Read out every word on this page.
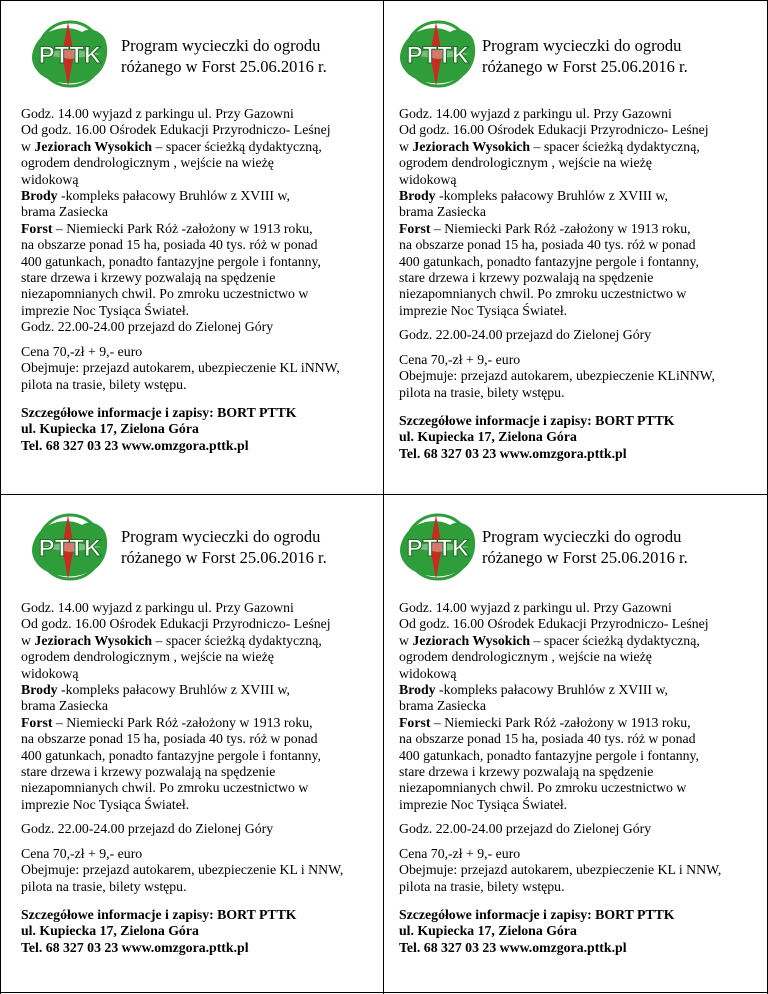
PTTK Program wycieczki do ogrodu
różanego w Forst 25.06.2016 r.
Godz. 14.00 wyjazd z parkingu ul. Przy Gazowni
Od godz. 16.00 Ośrodek Edukacji Przyrodniczo- Leśnej
w Jeziorach Wysokich – spacer ścieżką dydaktyczną,
ogrodem dendrologicznym , wejście na wieżę
widokową
Brody -kompleks pałacowy Bruhlów z XVIII w,
brama Zasiecka
Forst – Niemiecki Park Róż -założony w 1913 roku,
na obszarze ponad 15 ha, posiada 40 tys. róż w ponad
400 gatunkach, ponadto fantazyjne pergole i fontanny,
stare drzewa i krzewy pozwalają na spędzenie
niezapomnianych chwil. Po zmroku uczestnictwo w
imprezie Noc Tysiąca Świateł.
Godz. 22.00-24.00 przejazd do Zielonej Góry
Cena 70,-zł + 9,- euro
Obejmuje: przejazd autokarem, ubezpieczenie KL iNNW,
pilota na trasie, bilety wstępu.
Szczegółowe informacje i zapisy: BORT PTTK
ul. Kupiecka 17, Zielona Góra
Tel. 68 327 03 23 www.omzgora.pttk.pl
PTTK Program wycieczki do ogrodu
różanego w Forst 25.06.2016 r.
Godz. 14.00 wyjazd z parkingu ul. Przy Gazowni
Od godz. 16.00 Ośrodek Edukacji Przyrodniczo- Leśnej
w Jeziorach Wysokich – spacer ścieżką dydaktyczną,
ogrodem dendrologicznym , wejście na wieżę
widokową
Brody -kompleks pałacowy Bruhlów z XVIII w,
brama Zasiecka
Forst – Niemiecki Park Róż -założony w 1913 roku,
na obszarze ponad 15 ha, posiada 40 tys. róż w ponad
400 gatunkach, ponadto fantazyjne pergole i fontanny,
stare drzewa i krzewy pozwalają na spędzenie
niezapomnianych chwil. Po zmroku uczestnictwo w
imprezie Noc Tysiąca Świateł.
Godz. 22.00-24.00 przejazd do Zielonej Góry
Cena 70,-zł + 9,- euro
Obejmuje: przejazd autokarem, ubezpieczenie KLiNNW,
pilota na trasie, bilety wstępu.
Szczegółowe informacje i zapisy: BORT PTTK
ul. Kupiecka 17, Zielona Góra
Tel. 68 327 03 23 www.omzgora.pttk.pl
PTTK Program wycieczki do ogrodu
różanego w Forst 25.06.2016 r.
Godz. 14.00 wyjazd z parkingu ul. Przy Gazowni
Od godz. 16.00 Ośrodek Edukacji Przyrodniczo- Leśnej
w Jeziorach Wysokich – spacer ścieżką dydaktyczną,
ogrodem dendrologicznym , wejście na wieżę
widokową
Brody -kompleks pałacowy Bruhlów z XVIII w,
brama Zasiecka
Forst – Niemiecki Park Róż -założony w 1913 roku,
na obszarze ponad 15 ha, posiada 40 tys. róż w ponad
400 gatunkach, ponadto fantazyjne pergole i fontanny,
stare drzewa i krzewy pozwalają na spędzenie
niezapomnianych chwil. Po zmroku uczestnictwo w
imprezie Noc Tysiąca Świateł.
Godz. 22.00-24.00 przejazd do Zielonej Góry
Cena 70,-zł + 9,- euro
Obejmuje: przejazd autokarem, ubezpieczenie KL i NNW,
pilota na trasie, bilety wstępu.
Szczegółowe informacje i zapisy: BORT PTTK
ul. Kupiecka 17, Zielona Góra
Tel. 68 327 03 23 www.omzgora.pttk.pl
PTTK Program wycieczki do ogrodu
różanego w Forst 25.06.2016 r.
Godz. 14.00 wyjazd z parkingu ul. Przy Gazowni
Od godz. 16.00 Ośrodek Edukacji Przyrodniczo- Leśnej
w Jeziorach Wysokich – spacer ścieżką dydaktyczną,
ogrodem dendrologicznym , wejście na wieżę
widokową
Brody -kompleks pałacowy Bruhlów z XVIII w,
brama Zasiecka
Forst – Niemiecki Park Róż -założony w 1913 roku,
na obszarze ponad 15 ha, posiada 40 tys. róż w ponad
400 gatunkach, ponadto fantazyjne pergole i fontanny,
stare drzewa i krzewy pozwalają na spędzenie
niezapomnianych chwil. Po zmroku uczestnictwo w
imprezie Noc Tysiąca Świateł.
Godz. 22.00-24.00 przejazd do Zielonej Góry
Cena 70,-zł + 9,- euro
Obejmuje: przejazd autokarem, ubezpieczenie KL i NNW,
pilota na trasie, bilety wstępu.
Szczegółowe informacje i zapisy: BORT PTTK
ul. Kupiecka 17, Zielona Góra
Tel. 68 327 03 23 www.omzgora.pttk.pl
